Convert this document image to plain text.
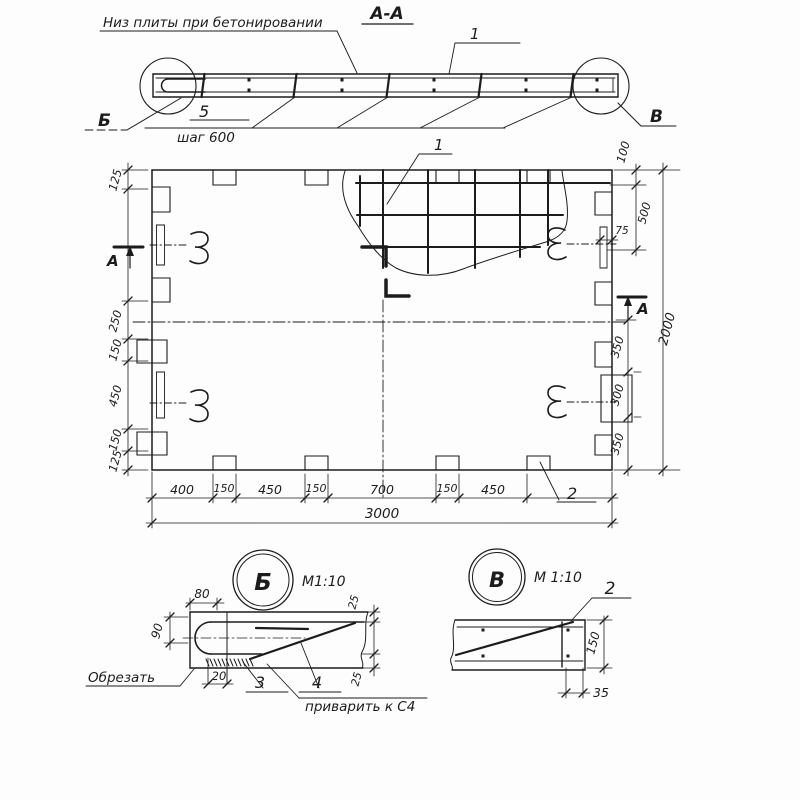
А-А
Низ плиты при бетонировании
Б	В
5
шаг 600
1
1
2
А
А
400 150 450 150	700	150 450
3000
125
250
150
450
150
125
100
500
75
350
300
350
2000
Б М1:10
80
90
20
25
25
Обрезать	3	4
приварить к С4
В М 1:10
2
150
35
